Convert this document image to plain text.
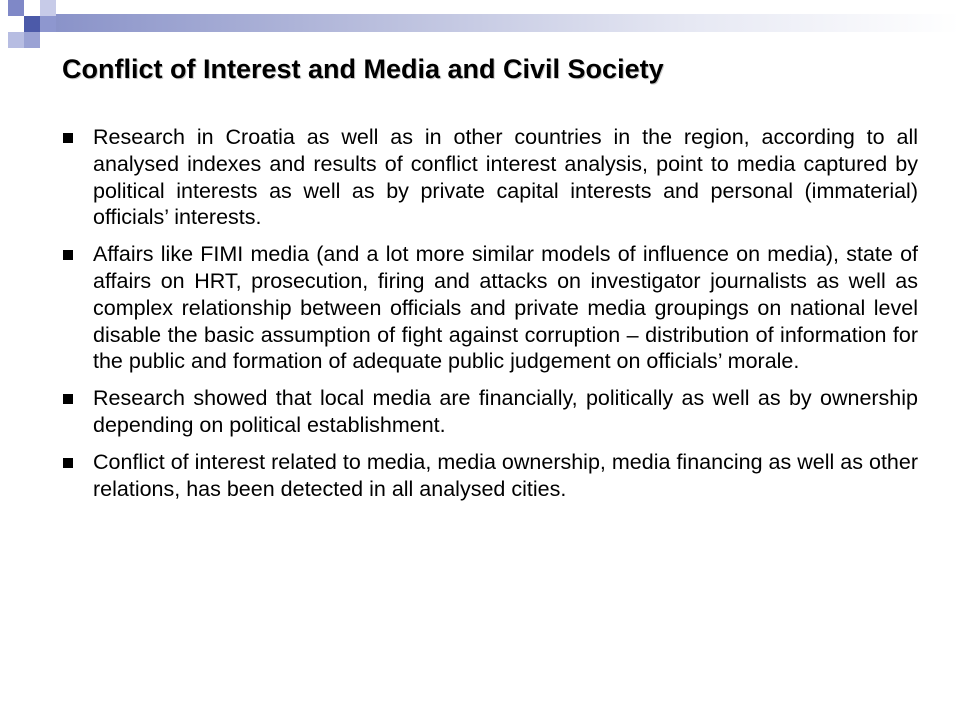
Conflict of Interest and Media and Civil Society
Research in Croatia as well as in other countries in the region, according to all analysed indexes and results of conflict interest analysis, point to media captured by political interests as well as by private capital interests and personal (immaterial) officials’ interests.
Affairs like FIMI media (and a lot more similar models of influence on media), state of affairs on HRT, prosecution, firing and attacks on investigator journalists as well as complex relationship between officials and private media groupings on national level disable the basic assumption of fight against corruption – distribution of information for the public and formation of adequate public judgement on officials’ morale.
Research showed that local media are financially, politically as well as by ownership depending on political establishment.
Conflict of interest related to media, media ownership, media financing as well as other relations, has been detected in all analysed cities.
